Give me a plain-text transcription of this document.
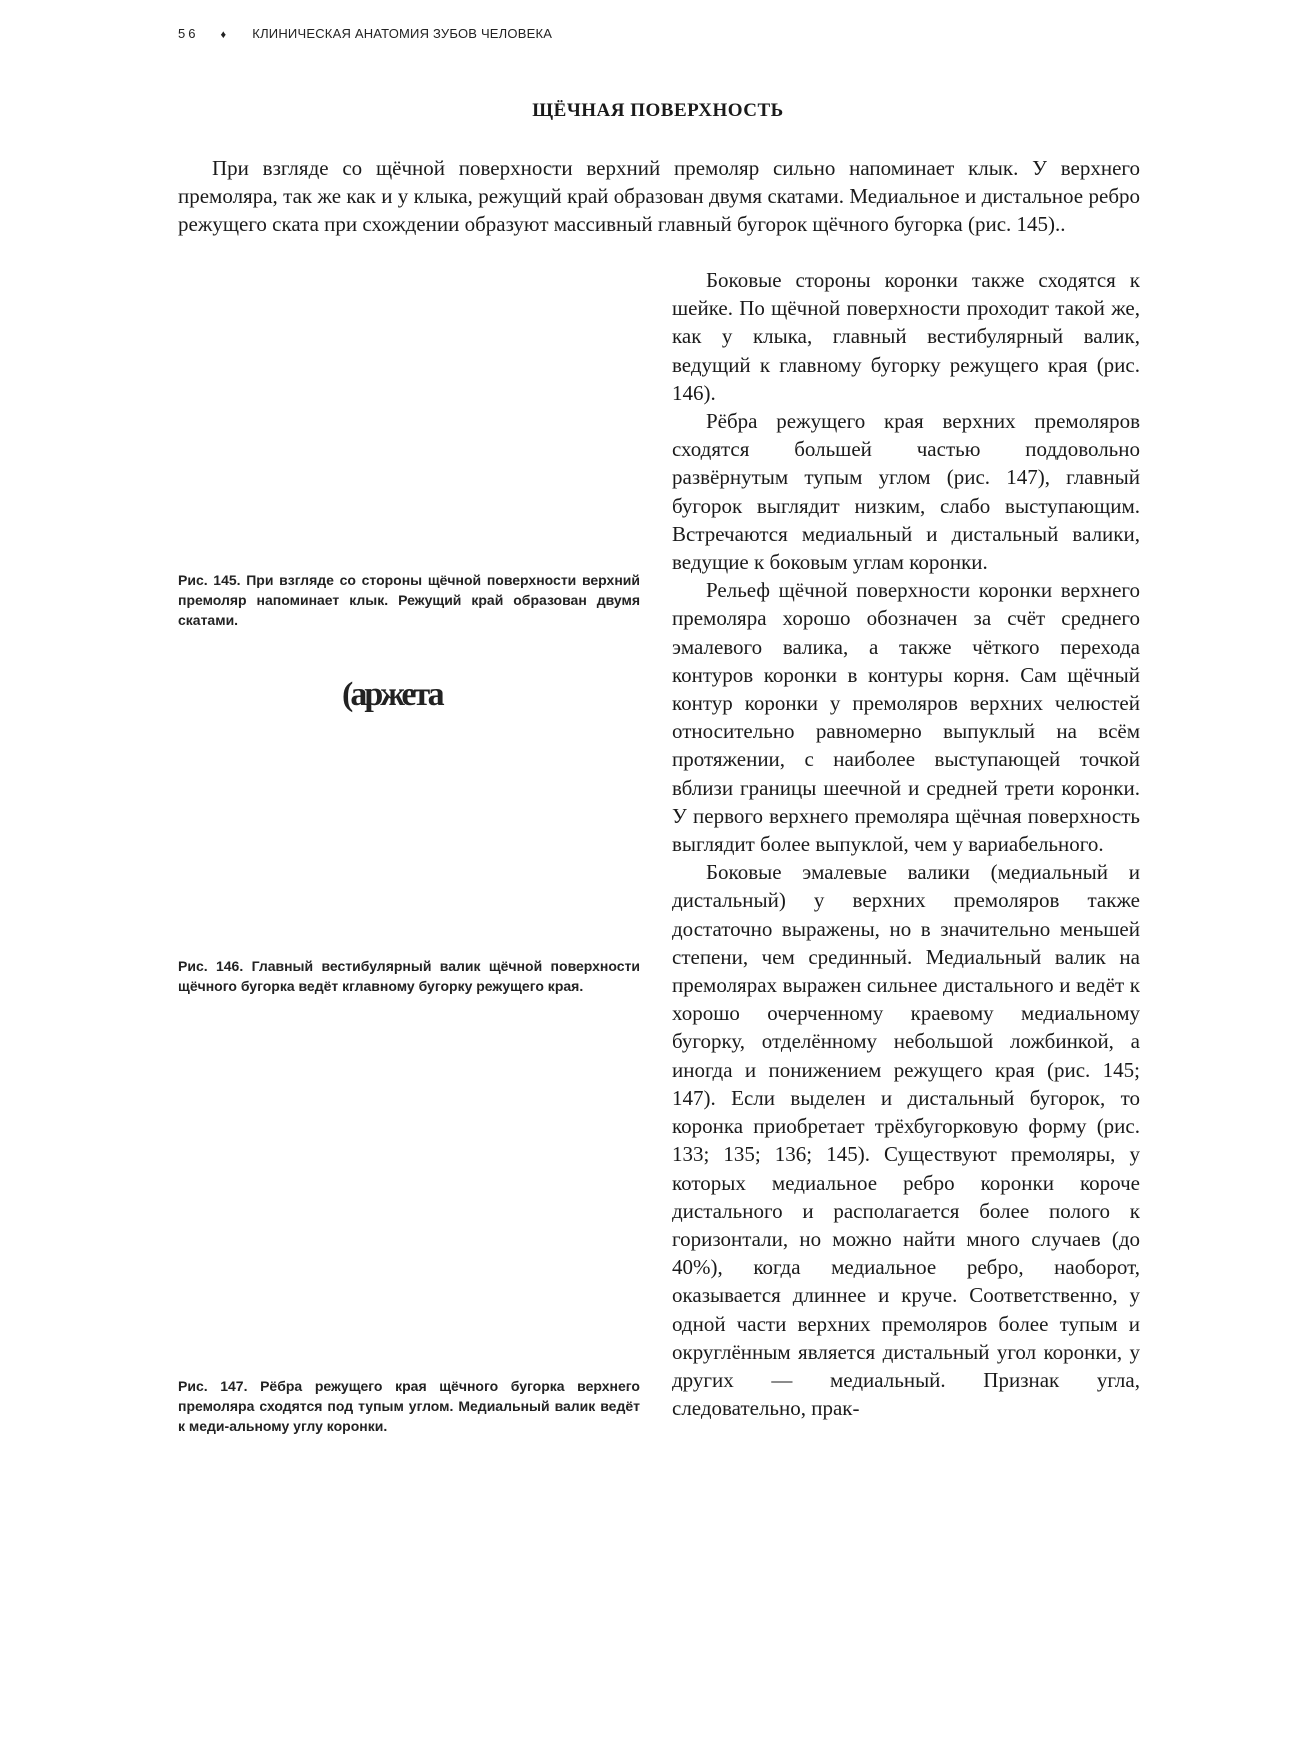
56 ♦ КЛИНИЧЕСКАЯ АНАТОМИЯ ЗУБОВ ЧЕЛОВЕКА
ЩЁЧНАЯ ПОВЕРХНОСТЬ

При взгляде со щёчной поверхности верхний премоляр сильно напоминает клык. У верхнего премоляра, так же как и у клыка, режущий край образован двумя скатами. Медиальное и дистальное ребро режущего ската при схождении образуют массивный главный бугорок щёчного бугорка (рис. 145)..

Боковые стороны коронки также сходятся к шейке. По щёчной поверхности проходит такой же, как у клыка, главный вестибулярный валик, ведущий к главному бугорку режущего края (рис. 146).

Рёбра режущего края верхних премоляров сходятся большей частью поддовольно развёрнутым тупым углом (рис. 147), главный бугорок выглядит низким, слабо выступающим. Встречаются медиальный и дистальный валики, ведущие к боковым углам коронки.

Рельеф щёчной поверхности коронки верхнего премоляра хорошо обозначен за счёт среднего эмалевого валика, а также чёткого перехода контуров коронки в контуры корня. Сам щёчный контур коронки у премоляров верхних челюстей относительно равномерно выпуклый на всём протяжении, с наиболее выступающей точкой вблизи границы шеечной и средней трети коронки. У первого верхнего премоляра щёчная поверхность выглядит более выпуклой, чем у вариабельного.

Боковые эмалевые валики (медиальный и дистальный) у верхних премоляров также достаточно выражены, но в значительно меньшей степени, чем срединный. Медиальный валик на премолярах выражен сильнее дистального и ведёт к хорошо очерченному краевому медиальному бугорку, отделённому небольшой ложбинкой, а иногда и понижением режущего края (рис. 145; 147). Если выделен и дистальный бугорок, то коронка приобретает трёхбугорковую форму (рис. 133; 135; 136; 145). Существуют премоляры, у которых медиальное ребро коронки короче дистального и располагается более полого к горизонтали, но можно найти много случаев (до 40%), когда медиальное ребро, наоборот, оказывается длиннее и круче. Соответственно, у одной части верхних премоляров более тупым и округлённым является дистальный угол коронки, у других — медиальный. Признак угла, следовательно, прак-

Рис. 145. При взгляде со стороны щёчной поверхности верхний премоляр напоминает клык. Режущий край образован двумя скатами.

(аржета

Рис. 146. Главный вестибулярный валик щёчной поверхности щёчного бугорка ведёт кглавному бугорку режущего края.

Рис. 147. Рёбра режущего края щёчного бугорка верхнего премоляра сходятся под тупым углом. Медиальный валик ведёт к меди-альному углу коронки.
